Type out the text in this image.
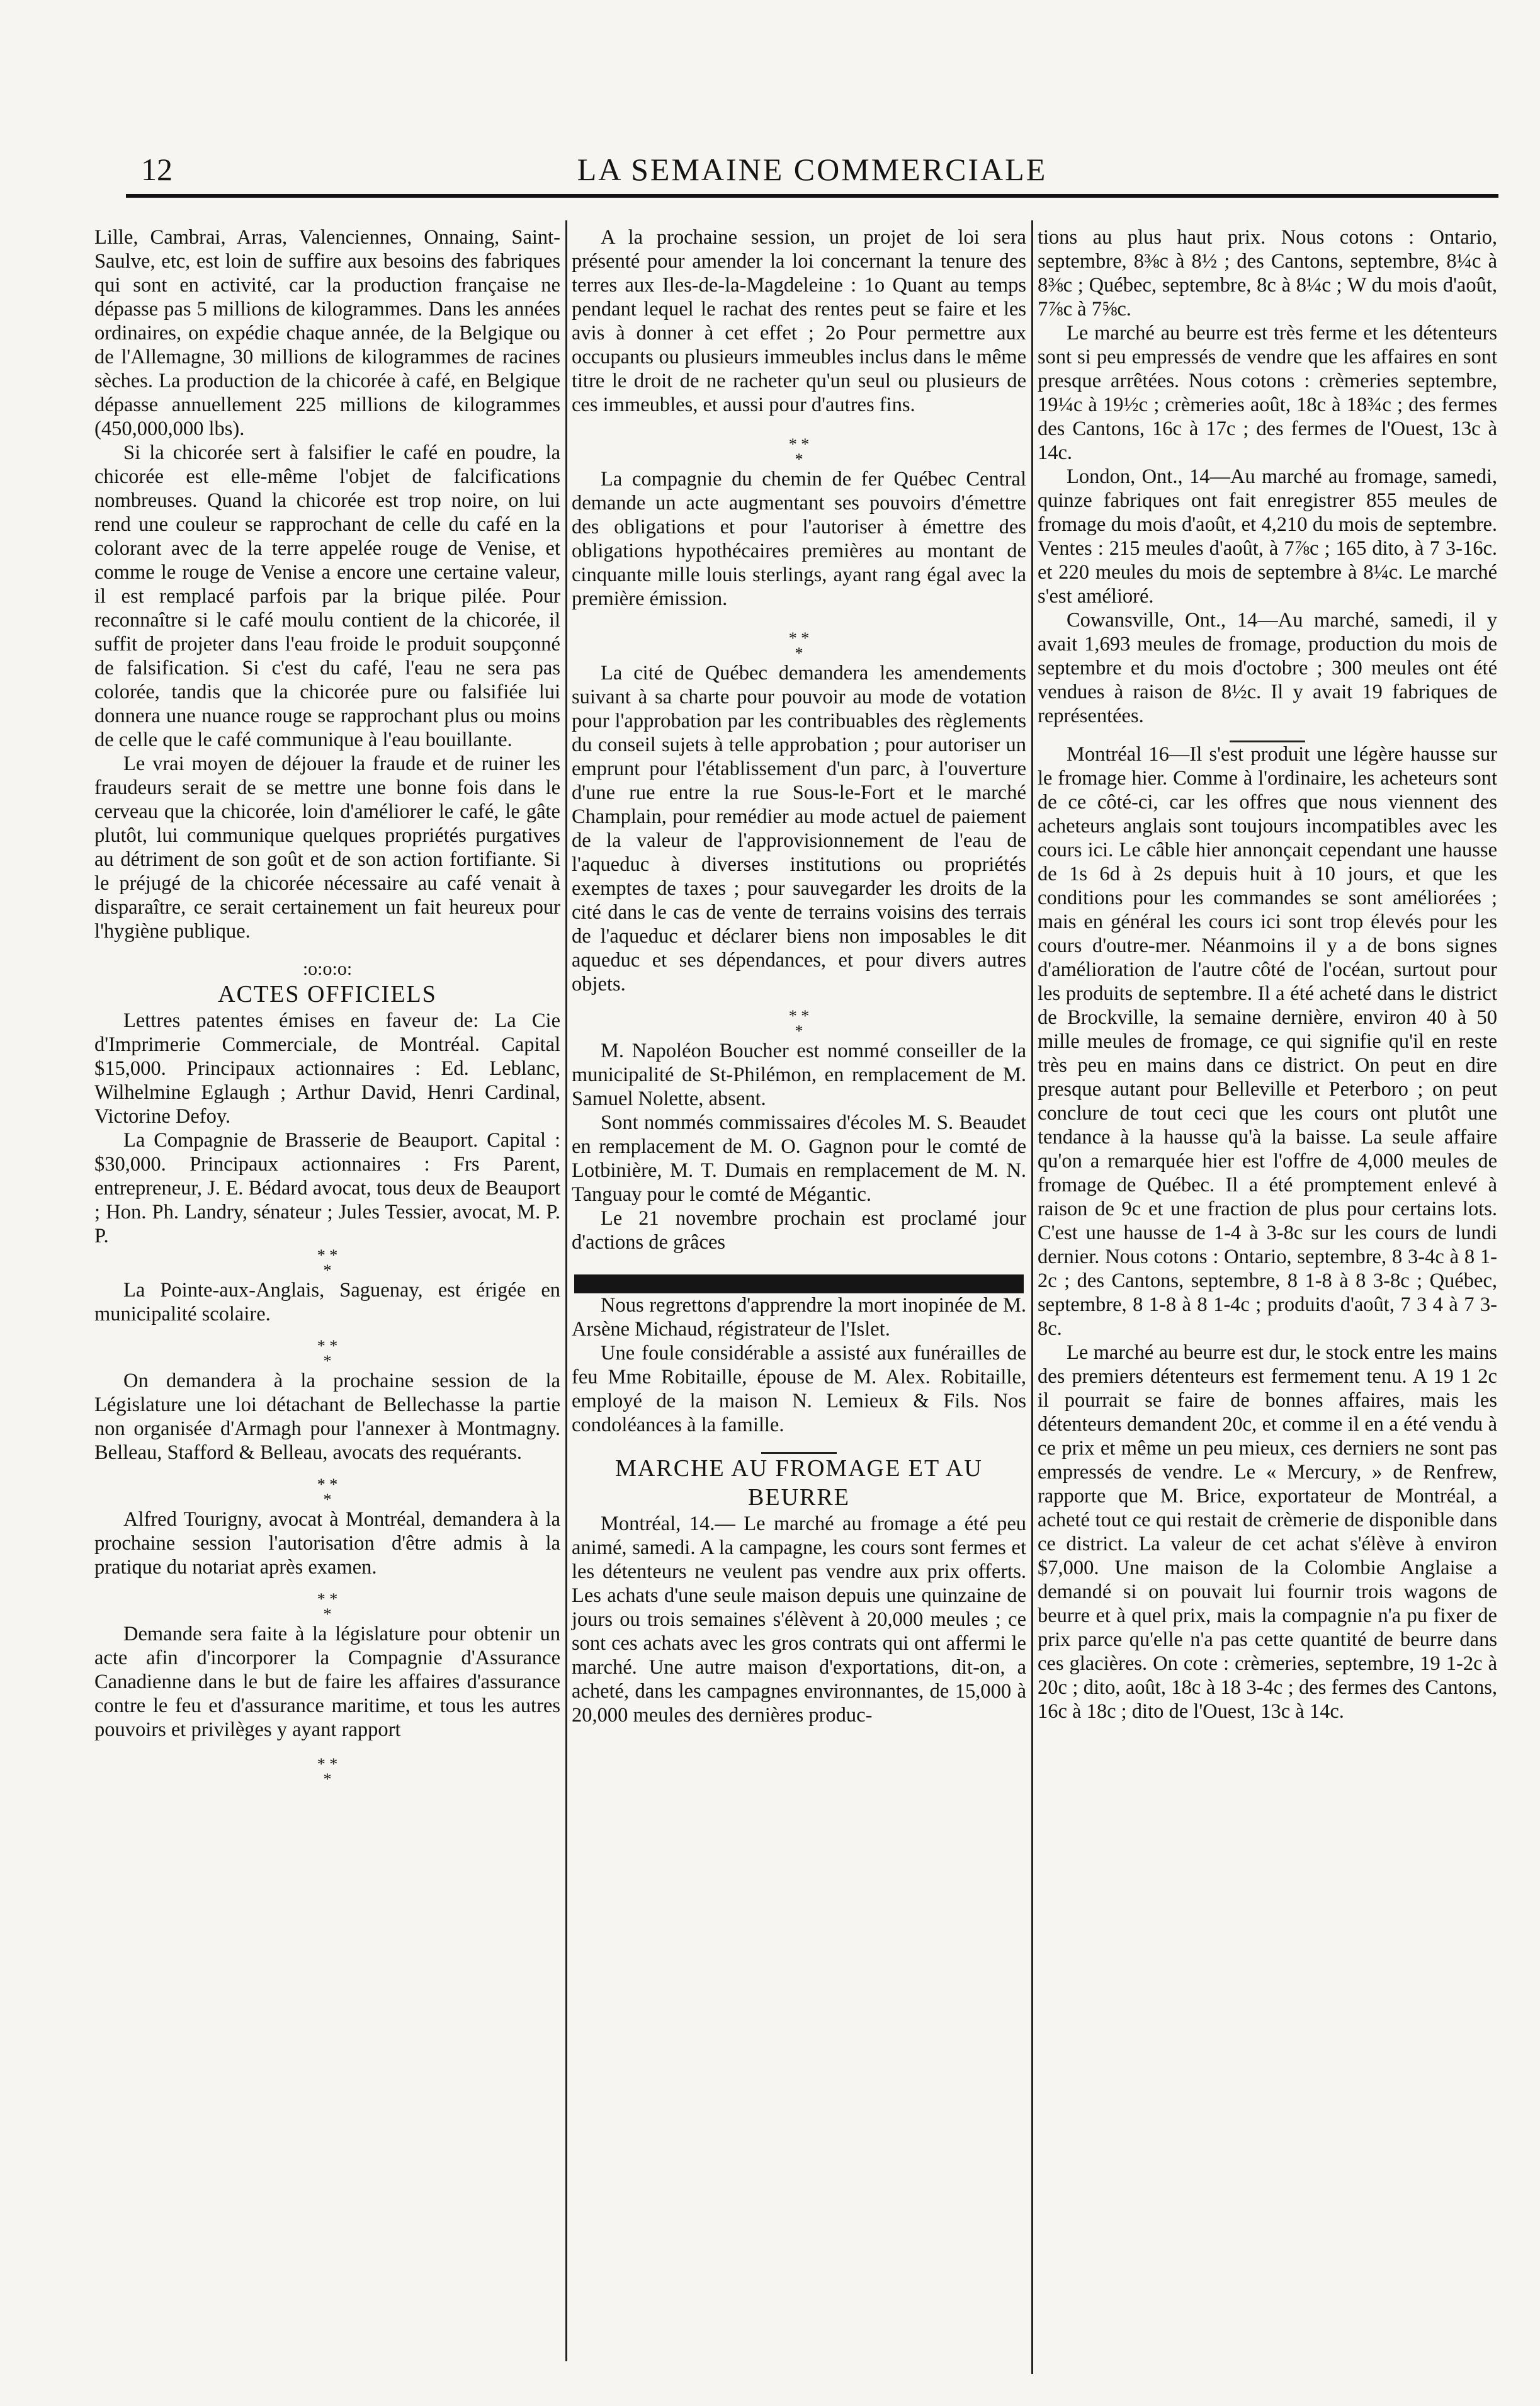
12	LA SEMAINE COMMERCIALE

Lille, Cambrai, Arras, Valenciennes, Onnaing, Saint-Saulve, etc, est loin de suffire aux besoins des fabriques qui sont en activité, car la production française ne dépasse pas 5 millions de kilogrammes. Dans les années ordinaires, on expédie chaque année, de la Belgique ou de l'Allemagne, 30 millions de kilogrammes de racines sèches. La production de la chicorée à café, en Belgique dépasse annuellement 225 millions de kilogrammes (450,000,000 lbs).

Si la chicorée sert à falsifier le café en poudre, la chicorée est elle-même l'objet de falcifications nombreuses. Quand la chicorée est trop noire, on lui rend une couleur se rapprochant de celle du café en la colorant avec de la terre appelée rouge de Venise, et comme le rouge de Venise a encore une certaine valeur, il est remplacé parfois par la brique pilée. Pour reconnaître si le café moulu contient de la chicorée, il suffit de projeter dans l'eau froide le produit soupçonné de falsification. Si c'est du café, l'eau ne sera pas colorée, tandis que la chicorée pure ou falsifiée lui donnera une nuance rouge se rapprochant plus ou moins de celle que le café communique à l'eau bouillante.

Le vrai moyen de déjouer la fraude et de ruiner les fraudeurs serait de se mettre une bonne fois dans le cerveau que la chicorée, loin d'améliorer le café, le gâte plutôt, lui communique quelques propriétés purgatives au détriment de son goût et de son action fortifiante. Si le préjugé de la chicorée nécessaire au café venait à disparaître, ce serait certainement un fait heureux pour l'hygiène publique.

:o:o:o:
ACTES OFFICIELS

Lettres patentes émises en faveur de: La Cie d'Imprimerie Commerciale, de Montréal. Capital $15,000. Principaux actionnaires : Ed. Leblanc, Wilhelmine Eglaugh ; Arthur David, Henri Cardinal, Victorine Defoy.

La Compagnie de Brasserie de Beauport. Capital : $30,000. Principaux actionnaires : Frs Parent, entrepreneur, J. E. Bédard avocat, tous deux de Beauport ; Hon. Ph. Landry, sénateur ; Jules Tessier, avocat, M. P. P.

* *
*

La Pointe-aux-Anglais, Saguenay, est érigée en municipalité scolaire.

* *
*

On demandera à la prochaine session de la Législature une loi détachant de Bellechasse la partie non organisée d'Armagh pour l'annexer à Montmagny. Belleau, Stafford & Belleau, avocats des requérants.

* *
*

Alfred Tourigny, avocat à Montréal, demandera à la prochaine session l'autorisation d'être admis à la pratique du notariat après examen.

* *
*

Demande sera faite à la législature pour obtenir un acte afin d'incorporer la Compagnie d'Assurance Canadienne dans le but de faire les affaires d'assurance contre le feu et d'assurance maritime, et tous les autres pouvoirs et privilèges y ayant rapport

* *
*

A la prochaine session, un projet de loi sera présenté pour amender la loi concernant la tenure des terres aux Iles-de-la-Magdeleine : 1o Quant au temps pendant lequel le rachat des rentes peut se faire et les avis à donner à cet effet ; 2o Pour permettre aux occupants ou plusieurs immeubles inclus dans le même titre le droit de ne racheter qu'un seul ou plusieurs de ces immeubles, et aussi pour d'autres fins.

* *
*

La compagnie du chemin de fer Québec Central demande un acte augmentant ses pouvoirs d'émettre des obligations et pour l'autoriser à émettre des obligations hypothécaires premières au montant de cinquante mille louis sterlings, ayant rang égal avec la première émission.

* *
*

La cité de Québec demandera les amendements suivant à sa charte pour pouvoir au mode de votation pour l'approbation par les contribuables des règlements du conseil sujets à telle approbation ; pour autoriser un emprunt pour l'établissement d'un parc, à l'ouverture d'une rue entre la rue Sous-le-Fort et le marché Champlain, pour remédier au mode actuel de paiement de la valeur de l'approvisionnement de l'eau de l'aqueduc à diverses institutions ou propriétés exemptes de taxes ; pour sauvegarder les droits de la cité dans le cas de vente de terrains voisins des terrais de l'aqueduc et déclarer biens non imposables le dit aqueduc et ses dépendances, et pour divers autres objets.

* *
*

M. Napoléon Boucher est nommé conseiller de la municipalité de St-Philémon, en remplacement de M. Samuel Nolette, absent.

Sont nommés commissaires d'écoles M. S. Beaudet en remplacement de M. O. Gagnon pour le comté de Lotbinière, M. T. Dumais en remplacement de M. N. Tanguay pour le comté de Mégantic.

Le 21 novembre prochain est proclamé jour d'actions de grâces

Nous regrettons d'apprendre la mort inopinée de M. Arsène Michaud, régistrateur de l'Islet.

Une foule considérable a assisté aux funérailles de feu Mme Robitaille, épouse de M. Alex. Robitaille, employé de la maison N. Lemieux & Fils. Nos condoléances à la famille.

MARCHE AU FROMAGE ET AU
BEURRE

Montréal, 14.— Le marché au fromage a été peu animé, samedi. A la campagne, les cours sont fermes et les détenteurs ne veulent pas vendre aux prix offerts. Les achats d'une seule maison depuis une quinzaine de jours ou trois semaines s'élèvent à 20,000 meules ; ce sont ces achats avec les gros contrats qui ont affermi le marché. Une autre maison d'exportations, dit-on, a acheté, dans les campagnes environnantes, de 15,000 à 20,000 meules des dernières produc-

tions au plus haut prix. Nous cotons : Ontario, septembre, 8⅜c à 8½ ; des Cantons, septembre, 8¼c à 8⅜c ; Québec, septembre, 8c à 8¼c ; W du mois d'août, 7⅞c à 7⅝c.

Le marché au beurre est très ferme et les détenteurs sont si peu empressés de vendre que les affaires en sont presque arrêtées. Nous cotons : crèmeries septembre, 19¼c à 19½c ; crèmeries août, 18c à 18¾c ; des fermes des Cantons, 16c à 17c ; des fermes de l'Ouest, 13c à 14c.

London, Ont., 14—Au marché au fromage, samedi, quinze fabriques ont fait enregistrer 855 meules de fromage du mois d'août, et 4,210 du mois de septembre. Ventes : 215 meules d'août, à 7⅞c ; 165 dito, à 7 3-16c. et 220 meules du mois de septembre à 8¼c. Le marché s'est amélioré.

Cowansville, Ont., 14—Au marché, samedi, il y avait 1,693 meules de fromage, production du mois de septembre et du mois d'octobre ; 300 meules ont été vendues à raison de 8½c. Il y avait 19 fabriques de représentées.

Montréal 16—Il s'est produit une légère hausse sur le fromage hier. Comme à l'ordinaire, les acheteurs sont de ce côté-ci, car les offres que nous viennent des acheteurs anglais sont toujours incompatibles avec les cours ici. Le câble hier annonçait cependant une hausse de 1s 6d à 2s depuis huit à 10 jours, et que les conditions pour les commandes se sont améliorées ; mais en général les cours ici sont trop élevés pour les cours d'outre-mer. Néanmoins il y a de bons signes d'amélioration de l'autre côté de l'océan, surtout pour les produits de septembre. Il a été acheté dans le district de Brockville, la semaine dernière, environ 40 à 50 mille meules de fromage, ce qui signifie qu'il en reste très peu en mains dans ce district. On peut en dire presque autant pour Belleville et Peterboro ; on peut conclure de tout ceci que les cours ont plutôt une tendance à la hausse qu'à la baisse. La seule affaire qu'on a remarquée hier est l'offre de 4,000 meules de fromage de Québec. Il a été promptement enlevé à raison de 9c et une fraction de plus pour certains lots. C'est une hausse de 1-4 à 3-8c sur les cours de lundi dernier. Nous cotons : Ontario, septembre, 8 3-4c à 8 1-2c ; des Cantons, septembre, 8 1-8 à 8 3-8c ; Québec, septembre, 8 1-8 à 8 1-4c ; produits d'août, 7 3 4 à 7 3-8c.

Le marché au beurre est dur, le stock entre les mains des premiers détenteurs est fermement tenu. A 19 1 2c il pourrait se faire de bonnes affaires, mais les détenteurs demandent 20c, et comme il en a été vendu à ce prix et même un peu mieux, ces derniers ne sont pas empressés de vendre. Le « Mercury, » de Renfrew, rapporte que M. Brice, exportateur de Montréal, a acheté tout ce qui restait de crèmerie de disponible dans ce district. La valeur de cet achat s'élève à environ $7,000. Une maison de la Colombie Anglaise a demandé si on pouvait lui fournir trois wagons de beurre et à quel prix, mais la compagnie n'a pu fixer de prix parce qu'elle n'a pas cette quantité de beurre dans ces glacières. On cote : crèmeries, septembre, 19 1-2c à 20c ; dito, août, 18c à 18 3-4c ; des fermes des Cantons, 16c à 18c ; dito de l'Ouest, 13c à 14c.
